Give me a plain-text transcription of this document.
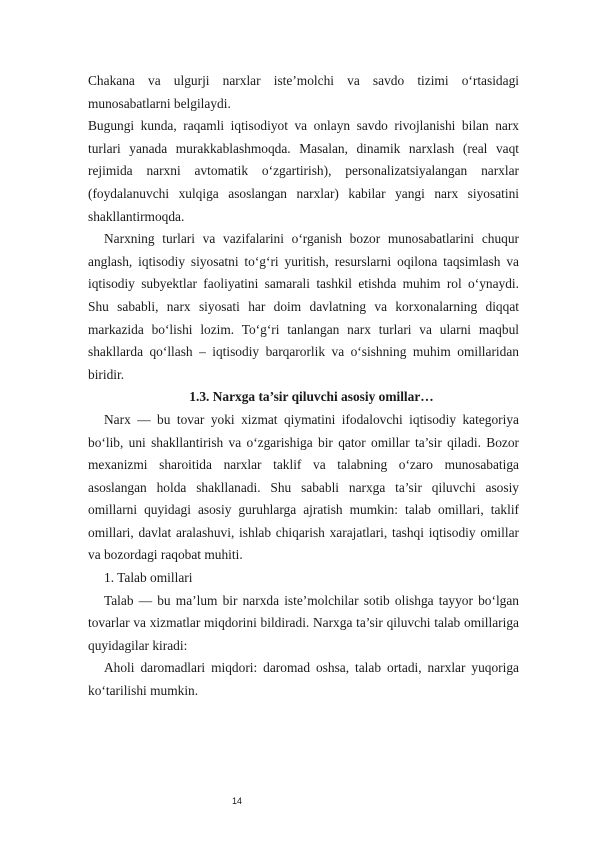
Chakana va ulgurji narxlar iste’molchi va savdo tizimi o‘rtasidagi munosabatlarni belgilaydi.

Bugungi kunda, raqamli iqtisodiyot va onlayn savdo rivojlanishi bilan narx turlari yanada murakkablashmoqda. Masalan, dinamik narxlash (real vaqt rejimida narxni avtomatik o‘zgartirish), personalizatsiyalangan narxlar (foydalanuvchi xulqiga asoslangan narxlar) kabilar yangi narx siyosatini shakllantirmoqda.

Narxning turlari va vazifalarini o‘rganish bozor munosabatlarini chuqur anglash, iqtisodiy siyosatni to‘g‘ri yuritish, resurslarni oqilona taqsimlash va iqtisodiy subyektlar faoliyatini samarali tashkil etishda muhim rol o‘ynaydi. Shu sababli, narx siyosati har doim davlatning va korxonalarning diqqat markazida bo‘lishi lozim. To‘g‘ri tanlangan narx turlari va ularni maqbul shakllarda qo‘llash – iqtisodiy barqarorlik va o‘sishning muhim omillaridan biridir.

1.3. Narxga ta’sir qiluvchi asosiy omillar…

Narx — bu tovar yoki xizmat qiymatini ifodalovchi iqtisodiy kategoriya bo‘lib, uni shakllantirish va o‘zgarishiga bir qator omillar ta’sir qiladi. Bozor mexanizmi sharoitida narxlar taklif va talabning o‘zaro munosabatiga asoslangan holda shakllanadi. Shu sababli narxga ta’sir qiluvchi asosiy omillarni quyidagi asosiy guruhlarga ajratish mumkin: talab omillari, taklif omillari, davlat aralashuvi, ishlab chiqarish xarajatlari, tashqi iqtisodiy omillar va bozordagi raqobat muhiti.

1. Talab omillari

Talab — bu ma’lum bir narxda iste’molchilar sotib olishga tayyor bo‘lgan tovarlar va xizmatlar miqdorini bildiradi. Narxga ta’sir qiluvchi talab omillariga quyidagilar kiradi:

Aholi daromadlari miqdori: daromad oshsa, talab ortadi, narxlar yuqoriga ko‘tarilishi mumkin.

14
